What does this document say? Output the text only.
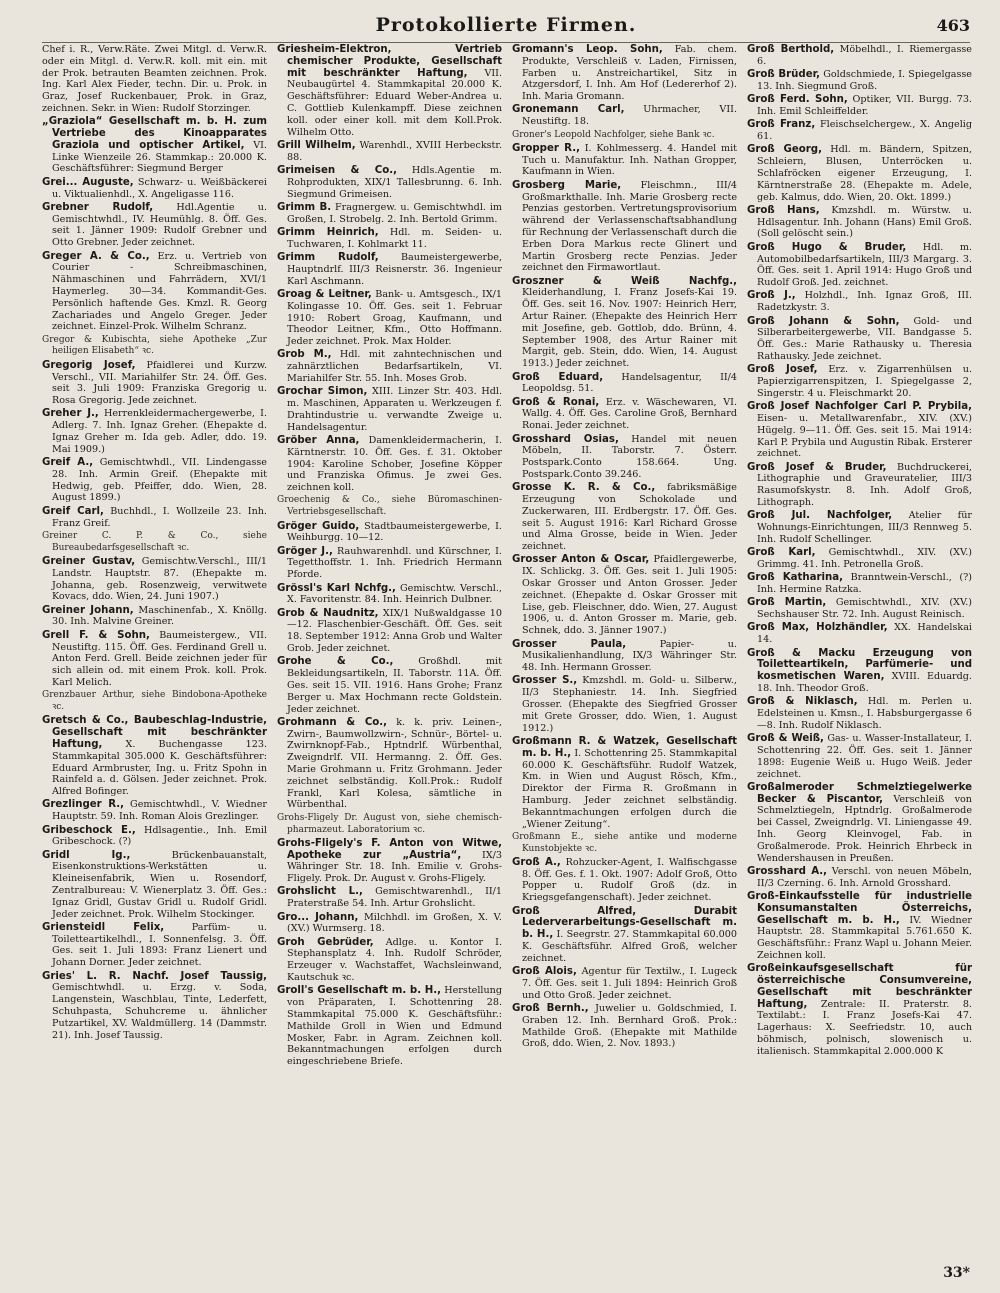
Protokollierte Firmen.	463

Chef i. R., Verw.Räte. Zwei Mitgl. d. Verw.R. oder ein Mitgl. d. Verw.R. koll. mit ein. mit der Prok. betrauten Beamten zeichnen. Prok. Ing. Karl Alex Fieder, techn. Dir. u. Prok. in Graz, Josef Ruckenbauer, Prok. in Graz, zeichnen. Sekr. in Wien: Rudolf Storzinger.

„Graziola“ Gesellschaft m. b. H. zum Vertriebe des Kinoapparates Graziola und optischer Artikel, VI. Linke Wienzeile 26. Stammkap.: 20.000 K. Geschäftsführer: Siegmund Berger

Grei... Auguste, Schwarz- u. Weißbäckerei u. Viktualienhdl., X. Angeligasse 116.

Grebner Rudolf, Hdl.Agentie u. Gemischtwhdl., IV. Heumühlg. 8. Öff. Ges. seit 1. Jänner 1909: Rudolf Grebner und Otto Grebner. Jeder zeichnet.

Greger A. & Co., Erz. u. Vertrieb von Courier - Schreibmaschinen, Nähmaschinen und Fahrrädern, XVI/1 Haymerleg. 30—34. Kommandit-Ges. Persönlich haftende Ges. Kmzl. R. Georg Zachariades und Angelo Greger. Jeder zeichnet. Einzel-Prok. Wilhelm Schranz.

Gregor & Kubischta, siehe Apotheke „Zur heiligen Elisabeth“ ꝛc.

Gregorig Josef, Pfaidlerei und Kurzw. Verschl., VII. Mariahilfer Str. 24. Öff. Ges. seit 3. Juli 1909: Franziska Gregorig u. Rosa Gregorig. Jede zeichnet.

Greher J., Herrenkleidermachergewerbe, I. Adlerg. 7. Inh. Ignaz Greher. (Ehepakte d. Ignaz Greher m. Ida geb. Adler, ddo. 19. Mai 1909.)

Greif A., Gemischtwhdl., VII. Lindengasse 28. Inh. Armin Greif. (Ehepakte mit Hedwig, geb. Pfeiffer, ddo. Wien, 28. August 1899.)

Greif Carl, Buchhdl., I. Wollzeile 23. Inh. Franz Greif.

Greiner C. P. & Co., siehe Bureaubedarfsgesellschaft ꝛc.

Greiner Gustav, Gemischtw.Verschl., III/1 Landstr. Hauptstr. 87. (Ehepakte m. Johanna, geb. Rosenzweig, verwitwete Kovacs, ddo. Wien, 24. Juni 1907.)

Greiner Johann, Maschinenfab., X. Knöllg. 30. Inh. Malvine Greiner.

Grell F. & Sohn, Baumeistergew., VII. Neustiftg. 115. Öff. Ges. Ferdinand Grell u. Anton Ferd. Grell. Beide zeichnen jeder für sich allein od. mit einem Prok. koll. Prok. Karl Melich.

Grenzbauer Arthur, siehe Bindobona-Apotheke ꝛc.

Gretsch & Co., Baubeschlag-Industrie, Gesellschaft mit beschränkter Haftung, X. Buchengasse 123. Stammkapital 305.000 K. Geschäftsführer: Eduard Armbruster, Ing. u. Fritz Spohn in Rainfeld a. d. Gölsen. Jeder zeichnet. Prok. Alfred Bofinger.

Grezlinger R., Gemischtwhdl., V. Wiedner Hauptstr. 59. Inh. Roman Alois Grezlinger.

Gribeschock E., Hdlsagentie., Inh. Emil Gribeschock. (?)

Gridl Ig.,	Brückenbauanstalt, Eisenkonstruktions-Werkstätten u. Kleineisenfabrik, Wien u. Rosendorf, Zentralbureau: V. Wienerplatz 3. Öff. Ges.: Ignaz Gridl, Gustav Gridl u. Rudolf Gridl. Jeder zeichnet. Prok. Wilhelm Stockinger.

Griensteidl Felix,	Parfüm- u. Toiletteartikelhdl., I. Sonnenfelsg. 3. Öff. Ges. seit 1. Juli 1893: Franz Lienert und Johann Dorner. Jeder zeichnet.

Gries' L. R. Nachf. Josef Taussig, Gemischtwhdl. u. Erzg. v. Soda, Langenstein, Waschblau, Tinte, Lederfett, Schuhpasta, Schuhcreme u. ähnlicher Putzartikel, XV. Waldmüllerg. 14 (Dammstr. 21). Inh. Josef Taussig.

Griesheim-Elektron, Vertrieb chemischer Produkte, Gesellschaft mit beschränkter Haftung, VII. Neubaugürtel 4. Stammkapital 20.000 K. Geschäftsführer: Eduard Weber-Andrea u. C. Gottlieb Kulenkampff. Diese zeichnen koll. oder einer koll. mit dem Koll.Prok. Wilhelm Otto.

Grill Wilhelm, Warenhdl., XVIII Herbeckstr. 88.

Grimeisen & Co., Hdls.Agentie m. Rohprodukten, XIX/1 Tallesbrunng. 6. Inh. Siegmund Grimeisen.

Grimm B. Fragnergew. u. Gemischtwhdl. im Großen, I. Strobelg. 2. Inh. Bertold Grimm.

Grimm Heinrich, Hdl. m. Seiden- u. Tuchwaren, I. Kohlmarkt 11.

Grimm Rudolf, Baumeistergewerbe, Hauptndrlf. III/3 Reisnerstr. 36. Ingenieur Karl Aschmann.

Groag & Leitner, Bank- u. Amtsgesch., IX/1 Kolingasse 10. Öff. Ges. seit 1. Februar 1910: Robert Groag, Kaufmann, und Theodor Leitner, Kfm., Otto Hoffmann. Jeder zeichnet. Prok. Max Holder.

Grob M., Hdl. mit zahntechnischen und zahnärztlichen Bedarfsartikeln, VI. Mariahilfer Str. 55. Inh. Moses Grob.

Grochar Simon, XIII. Linzer Str. 403. Hdl. m. Maschinen, Apparaten u. Werkzeugen f. Drahtindustrie u. verwandte Zweige u. Handelsagentur.

Gröber Anna, Damenkleidermacherin, I. Kärntnerstr. 10. Öff. Ges. f. 31. Oktober 1904: Karoline Schober, Josefine Köpper und Franziska Ofimus. Je zwei Ges. zeichnen koll.

Groechenig & Co., siehe Büromaschinen-Vertriebsgesellschaft.

Gröger Guido, Stadtbaumeistergewerbe, I. Weihburgg. 10—12.

Gröger J., Rauhwarenhdl. und Kürschner, I. Tegetthoffstr. 1. Inh. Friedrich Hermann Pforde.

Grössl's Karl Nchfg., Gemischtw. Verschl., X. Favoritenstr. 84. Inh. Heinrich Dulbner.

Grob & Naudnitz, XIX/1 Nußwaldgasse 10—12. Flaschenbier-Geschäft. Öff. Ges. seit 18. September 1912: Anna Grob und Walter Grob. Jeder zeichnet.

Grohe & Co.,	Großhdl. mit Bekleidungsartikeln, II. Taborstr. 11A. Öff. Ges. seit 15. VII. 1916. Hans Grohe; Franz Berger u. Max Hochmann recte Goldstein. Jeder zeichnet.

Grohmann & Co., k. k. priv. Leinen-, Zwirn-, Baumwollzwirn-, Schnür-, Börtel- u. Zwirnknopf-Fab., Hptndrlf. Würbenthal, Zweigndrlf. VII. Hermanng. 2. Öff. Ges. Marie Grohmann u. Fritz Grohmann. Jeder zeichnet selbständig. Koll.Prok.: Rudolf Frankl, Karl Kolesa, sämtliche in Würbenthal.

Grohs-Fligely Dr. August von, siehe chemisch-pharmazeut. Laboratorium ꝛc.

Grohs-Fligely's F. Anton von Witwe, Apotheke zur „Austria“, IX/3 Währinger Str. 18. Inh. Emilie v. Grohs-Fligely. Prok. Dr. August v. Grohs-Fligely.

Grohslicht L., Gemischtwarenhdl., II/1 Praterstraße 54. Inh. Artur Grohslicht.

Gro... Johann, Milchhdl. im Großen, X. V. (XV.) Wurmserg. 18.

Groh Gebrüder, Adlge. u. Kontor I. Stephansplatz 4. Inh. Rudolf Schröder, Erzeuger v. Wachstaffet, Wachsleinwand, Kautschuk ꝛc.

Groll's Gesellschaft m. b. H., Herstellung von Präparaten, I. Schottenring 28. Stammkapital 75.000 K. Geschäftsführ.: Mathilde Groll in Wien und Edmund Mosker, Fabr. in Agram. Zeichnen koll. Bekanntmachungen erfolgen durch eingeschriebene Briefe.

Gromann's Leop. Sohn, Fab. chem. Produkte, Verschleiß v. Laden, Firnissen, Farben u. Anstreichartikel, Sitz in Atzgersdorf, I. Inh. Am Hof (Ledererhof 2). Inh. Maria Gromann.

Gronemann Carl, Uhrmacher, VII. Neustiftg. 18.

Groner's Leopold Nachfolger, siehe Bank ꝛc.

Gropper R., I. Kohlmesserg. 4. Handel mit Tuch u. Manufaktur. Inh. Nathan Gropper, Kaufmann in Wien.

Grosberg Marie, Fleischmn., III/4 Großmarkthalle. Inh. Marie Grosberg recte Penzias gestorben. Vertretungsprovisorium während der Verlassenschaftsabhandlung für Rechnung der Verlassenschaft durch die Erben Dora Markus recte Glinert und Martin Grosberg recte Penzias. Jeder zeichnet den Firmawortlaut.

Groszner & Weiß Nachfg., Kleiderhandlung, I. Franz Josefs-Kai 19. Öff. Ges. seit 16. Nov. 1907: Heinrich Herr, Artur Rainer. (Ehepakte des Heinrich Herr mit Josefine, geb. Gottlob, ddo. Brünn, 4. September 1908, des Artur Rainer mit Margit, geb. Stein, ddo. Wien, 14. August 1913.) Jeder zeichnet.

Groß Eduard, Handelsagentur, II/4 Leopoldsg. 51.

Groß & Ronai, Erz. v. Wäschewaren, VI. Wallg. 4. Öff. Ges. Caroline Groß, Bernhard Ronai. Jeder zeichnet.

Grosshard Osias, Handel mit neuen Möbeln, II. Taborstr. 7. Österr. Postspark.Conto 158.664. Ung. Postspark.Conto 39.246.

Grosse K. R. & Co., fabriksmäßige Erzeugung von Schokolade und Zuckerwaren, III. Erdbergstr. 17. Öff. Ges. seit 5. August 1916: Karl Richard Grosse und Alma Grosse, beide in Wien. Jeder zeichnet.

Grosser Anton & Oscar, Pfaidlergewerbe, IX. Schlickg. 3. Öff. Ges. seit 1. Juli 1905: Oskar Grosser und Anton Grosser. Jeder zeichnet. (Ehepakte d. Oskar Grosser mit Lise, geb. Fleischner, ddo. Wien, 27. August 1906, u. d. Anton Grosser m. Marie, geb. Schnek, ddo. 3. Jänner 1907.)

Grosser Paula,	Papier- u. Musikalienhandlung, IX/3 Währinger Str. 48. Inh. Hermann Grosser.

Grosser S., Kmzshdl. m. Gold- u. Silberw., II/3 Stephaniestr. 14. Inh. Siegfried Grosser. (Ehepakte des Siegfried Grosser mit Grete Grosser, ddo. Wien, 1. August 1912.)

Großmann R. & Watzek, Gesellschaft m. b. H., I. Schottenring 25. Stammkapital 60.000 K. Geschäftsführ. Rudolf Watzek, Km. in Wien und August Rösch, Kfm., Direktor der Firma R. Großmann in Hamburg. Jeder zeichnet selbständig. Bekanntmachungen erfolgen durch die „Wiener Zeitung“.

Großmann E., siehe antike und moderne Kunstobjekte ꝛc.

Groß A., Rohzucker-Agent, I. Walfischgasse 8. Öff. Ges. f. 1. Okt. 1907: Adolf Groß, Otto Popper u. Rudolf Groß (dz. in Kriegsgefangenschaft). Jeder zeichnet.

Groß Alfred, Durabit Lederverarbeitungs-Gesellschaft m. b. H., I. Seegrstr. 27. Stammkapital 60.000 K. Geschäftsführ. Alfred Groß, welcher zeichnet.

Groß Alois, Agentur für Textilw., I. Lugeck 7. Öff. Ges. seit 1. Juli 1894: Heinrich Groß und Otto Groß. Jeder zeichnet.

Groß Bernh., Juwelier u. Goldschmied, I. Graben 12. Inh. Bernhard Groß. Prok.: Mathilde Groß. (Ehepakte mit Mathilde Groß, ddo. Wien, 2. Nov. 1893.)

Groß Berthold, Möbelhdl., I. Riemergasse 6.

Groß Brüder, Goldschmiede, I. Spiegelgasse 13. Inh. Siegmund Groß.

Groß Ferd. Sohn, Optiker, VII. Burgg. 73. Inh. Emil Schleiffelder.

Groß Franz, Fleischselchergew., X. Angelig 61.

Groß Georg, Hdl. m. Bändern, Spitzen, Schleiern, Blusen, Unterröcken u. Schlafröcken eigener Erzeugung, I. Kärntnerstraße 28. (Ehepakte m. Adele, geb. Kalmus, ddo. Wien, 20. Okt. 1899.)

Groß Hans, Kmzshdl. m. Würstw. u. Hdlsagentur. Inh. Johann (Hans) Emil Groß. (Soll gelöscht sein.)

Groß Hugo & Bruder, Hdl. m. Automobilbedarfsartikeln, III/3 Margarg. 3. Öff. Ges. seit 1. April 1914: Hugo Groß und Rudolf Groß. Jed. zeichnet.

Groß J., Holzhdl., Inh. Ignaz Groß, III. Radetzkystr. 3.

Groß Johann & Sohn, Gold- und Silberarbeitergewerbe, VII. Bandgasse 5. Öff. Ges.: Marie Rathausky u. Theresia Rathausky. Jede zeichnet.

Groß Josef, Erz. v. Zigarrenhülsen u. Papierzigarrenspitzen, I. Spiegelgasse 2, Singerstr. 4 u. Fleischmarkt 20.

Groß Josef Nachfolger Carl P. Prybila, Eisen- u. Metallwarenfabr., XIV. (XV.) Hügelg. 9—11. Öff. Ges. seit 15. Mai 1914: Karl P. Prybila und Augustin Ribak. Ersterer zeichnet.

Groß Josef & Bruder, Buchdruckerei, Lithographie und Graveuratelier, III/3 Rasumofskystr. 8. Inh. Adolf Groß, Lithograph.

Groß Jul. Nachfolger, Atelier für Wohnungs-Einrichtungen, III/3 Rennweg 5. Inh. Rudolf Schellinger.

Groß Karl, Gemischtwhdl., XIV. (XV.) Grimmg. 41. Inh. Petronella Groß.

Groß Katharina, Branntwein-Verschl., (?) Inh. Hermine Ratzka.

Groß Martin, Gemischtwhdl., XIV. (XV.) Sechshauser Str. 72. Inh. August Reinisch.

Groß Max, Holzhändler, XX. Handelskai 14.

Groß & Macku Erzeugung von Toiletteartikeln, Parfümerie- und kosmetischen Waren, XVIII. Eduardg. 18. Inh. Theodor Groß.

Groß & Niklasch, Hdl. m. Perlen u. Edelsteinen u. Kmsn., I. Habsburgergasse 6—8. Inh. Rudolf Niklasch.

Groß & Weiß, Gas- u. Wasser-Installateur, I. Schottenring 22. Öff. Ges. seit 1. Jänner 1898: Eugenie Weiß u. Hugo Weiß. Jeder zeichnet.

Großalmeroder Schmelztiegelwerke Becker & Piscantor, Verschleiß von Schmelztiegeln, Hptndrlg. Großalmerode bei Cassel, Zweigndrlg. VI. Liniengasse 49. Inh. Georg Kleinvogel, Fab. in Großalmerode. Prok. Heinrich Ehrbeck in Wendershausen in Preußen.

Grosshard A., Verschl. von neuen Möbeln, II/3 Czerning. 6. Inh. Arnold Grosshard.

Groß-Einkaufsstelle für industrielle Konsumanstalten Österreichs, Gesellschaft m. b. H., IV. Wiedner Hauptstr. 28. Stammkapital 5.761.650 K. Geschäftsführ.: Franz Wapl u. Johann Meier. Zeichnen koll.

Großeinkaufsgesellschaft für österreichische Consumvereine, Gesellschaft mit beschränkter Haftung, Zentrale: II. Praterstr. 8. Textilabt.: I. Franz Josefs-Kai 47. Lagerhaus: X. Seefriedstr. 10, auch böhmisch, polnisch, slowenisch u. italienisch. Stammkapital 2.000.000 K

33*
